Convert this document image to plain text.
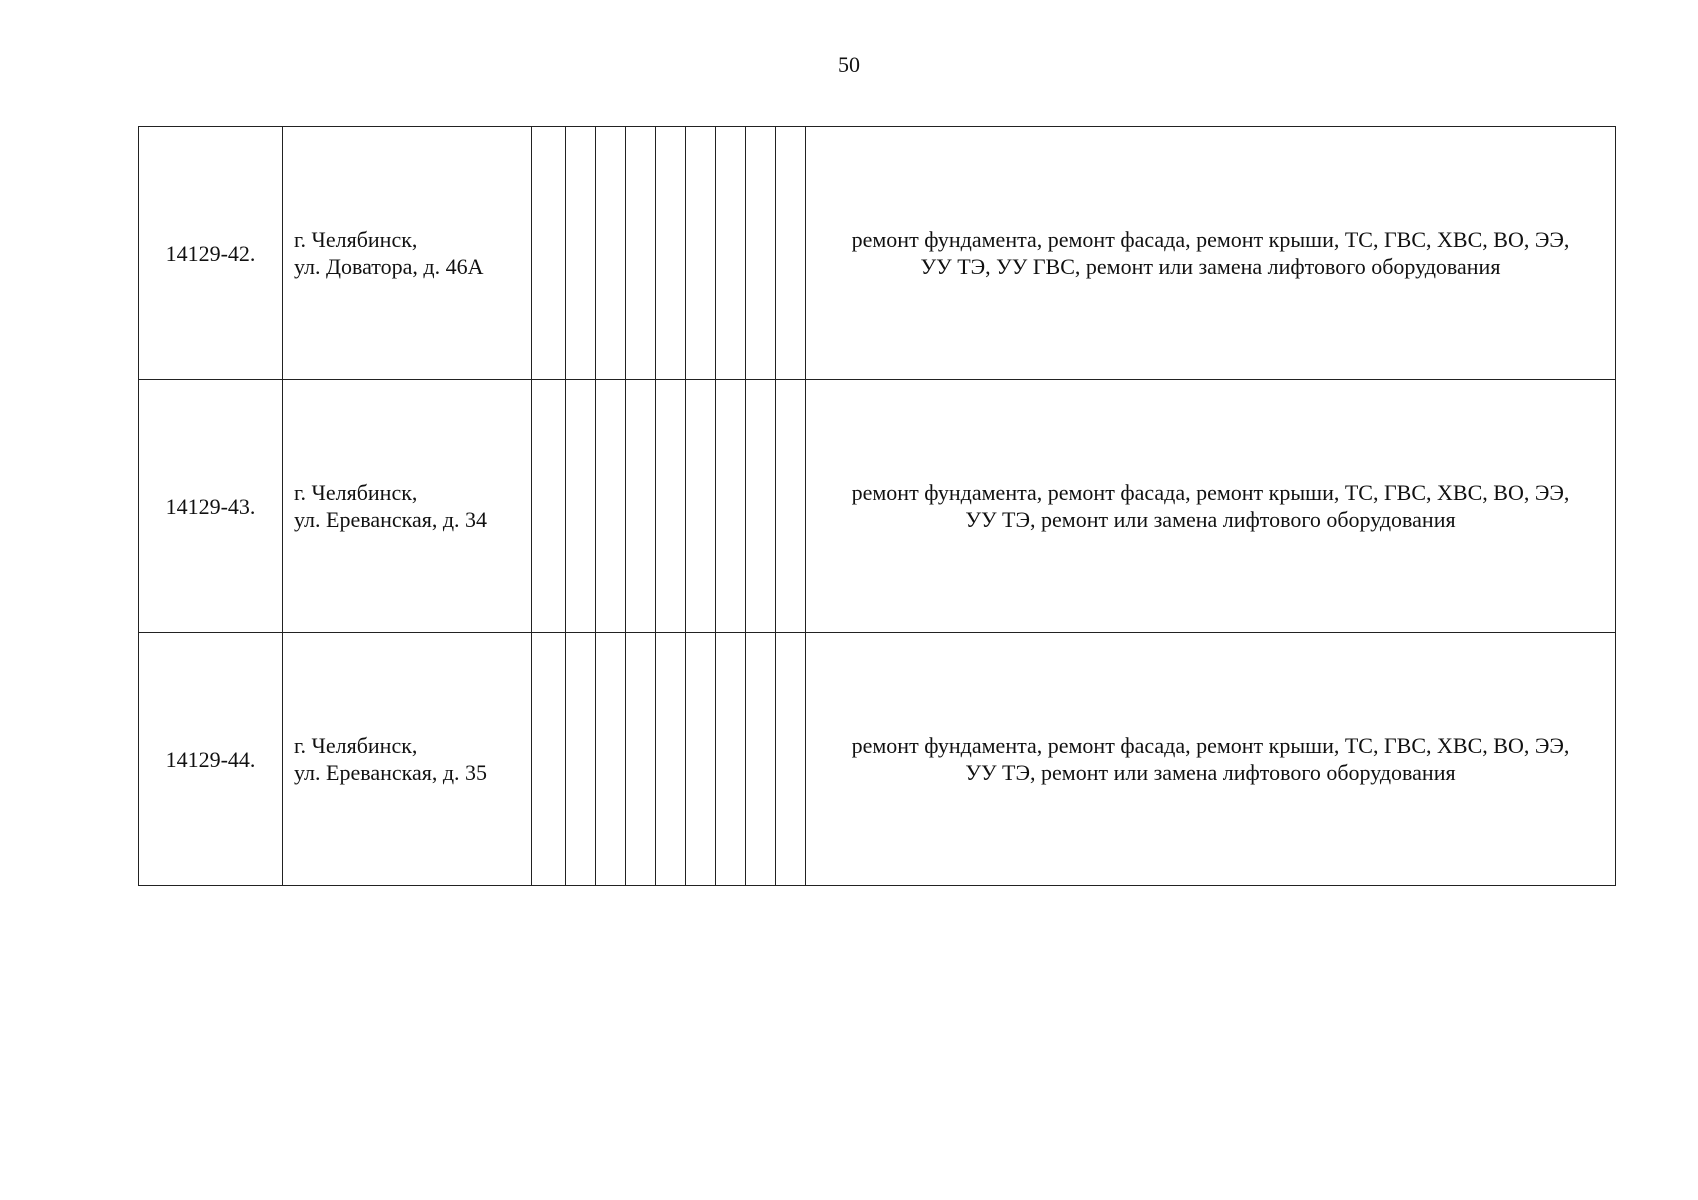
50
14129-42.	г. Челябинск,
ул. Доватора, д. 46А										ремонт фундамента, ремонт фасада, ремонт крыши, ТС, ГВС, ХВС, ВО, ЭЭ,
УУ ТЭ, УУ ГВС, ремонт или замена лифтового оборудования

14129-43.	г. Челябинск,
ул. Ереванская, д. 34										ремонт фундамента, ремонт фасада, ремонт крыши, ТС, ГВС, ХВС, ВО, ЭЭ,
УУ ТЭ, ремонт или замена лифтового оборудования

14129-44.	г. Челябинск,
ул. Ереванская, д. 35										ремонт фундамента, ремонт фасада, ремонт крыши, ТС, ГВС, ХВС, ВО, ЭЭ,
УУ ТЭ, ремонт или замена лифтового оборудования
